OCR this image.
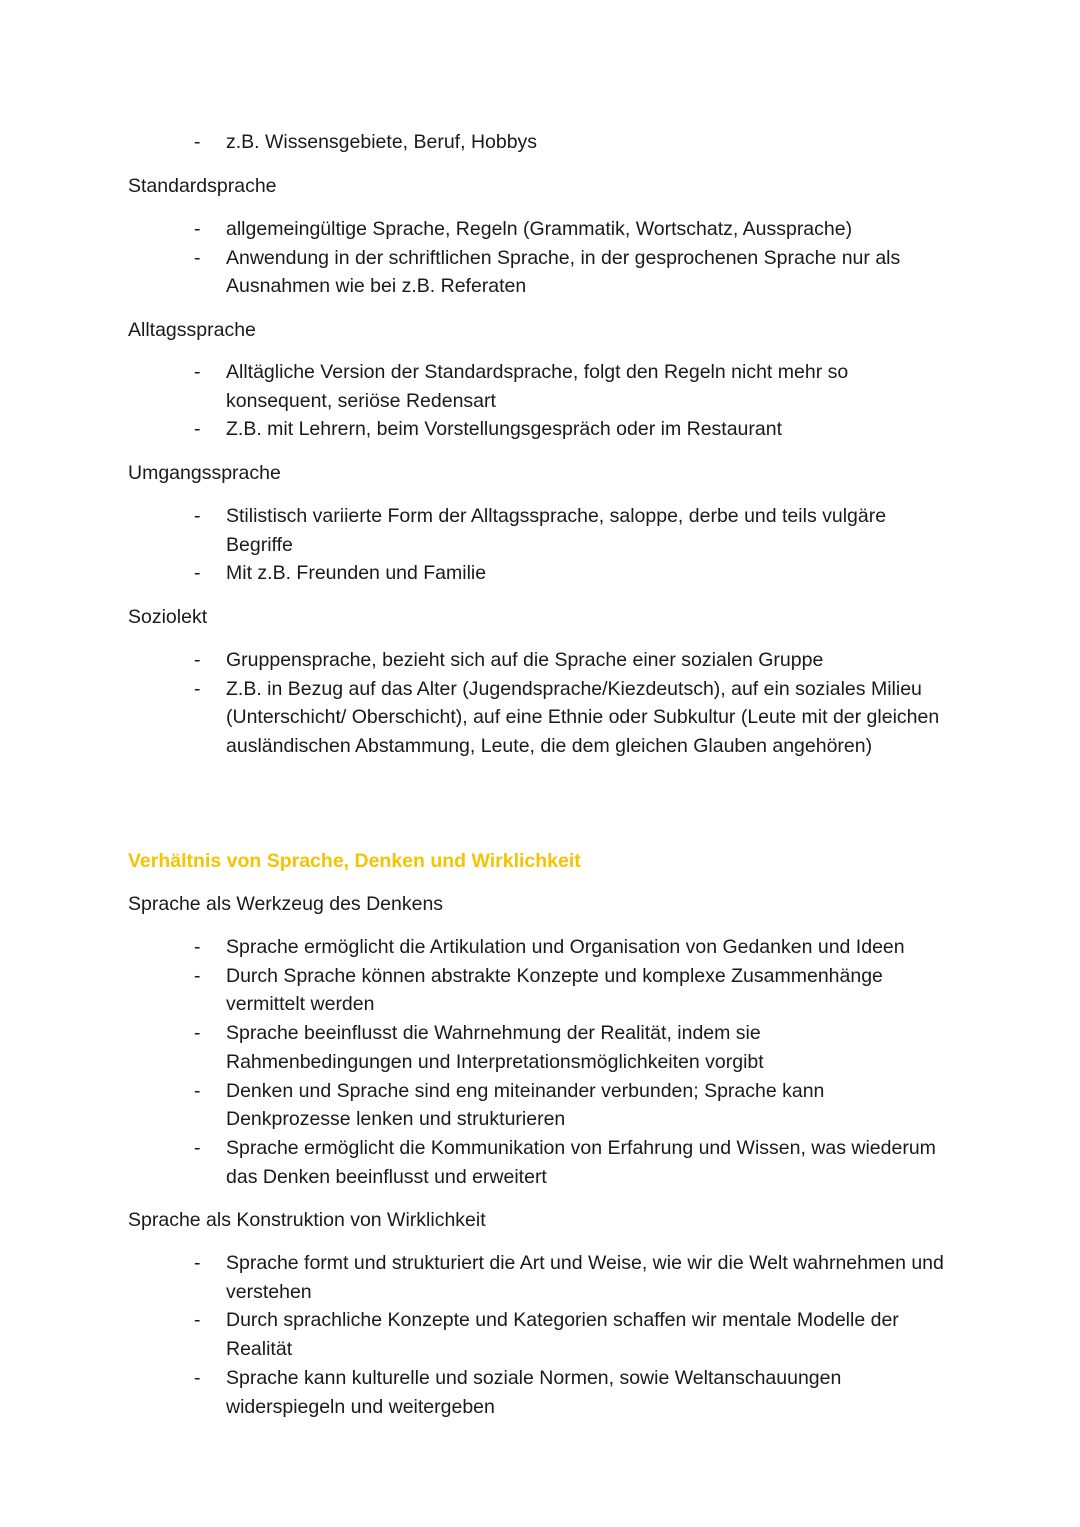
- z.B. Wissensgebiete, Beruf, Hobbys
Standardsprache
- allgemeingültige Sprache, Regeln (Grammatik, Wortschatz, Aussprache)
- Anwendung in der schriftlichen Sprache, in der gesprochenen Sprache nur als Ausnahmen wie bei z.B. Referaten
Alltagssprache
- Alltägliche Version der Standardsprache, folgt den Regeln nicht mehr so konsequent, seriöse Redensart
- Z.B. mit Lehrern, beim Vorstellungsgespräch oder im Restaurant
Umgangssprache
- Stilistisch variierte Form der Alltagssprache, saloppe, derbe und teils vulgäre Begriffe
- Mit z.B. Freunden und Familie
Soziolekt
- Gruppensprache, bezieht sich auf die Sprache einer sozialen Gruppe
- Z.B. in Bezug auf das Alter (Jugendsprache/Kiezdeutsch), auf ein soziales Milieu (Unterschicht/ Oberschicht), auf eine Ethnie oder Subkultur (Leute mit der gleichen ausländischen Abstammung, Leute, die dem gleichen Glauben angehören)
Verhältnis von Sprache, Denken und Wirklichkeit
Sprache als Werkzeug des Denkens
- Sprache ermöglicht die Artikulation und Organisation von Gedanken und Ideen
- Durch Sprache können abstrakte Konzepte und komplexe Zusammenhänge vermittelt werden
- Sprache beeinflusst die Wahrnehmung der Realität, indem sie Rahmenbedingungen und Interpretationsmöglichkeiten vorgibt
- Denken und Sprache sind eng miteinander verbunden; Sprache kann Denkprozesse lenken und strukturieren
- Sprache ermöglicht die Kommunikation von Erfahrung und Wissen, was wiederum das Denken beeinflusst und erweitert
Sprache als Konstruktion von Wirklichkeit
- Sprache formt und strukturiert die Art und Weise, wie wir die Welt wahrnehmen und verstehen
- Durch sprachliche Konzepte und Kategorien schaffen wir mentale Modelle der Realität
- Sprache kann kulturelle und soziale Normen, sowie Weltanschauungen widerspiegeln und weitergeben
